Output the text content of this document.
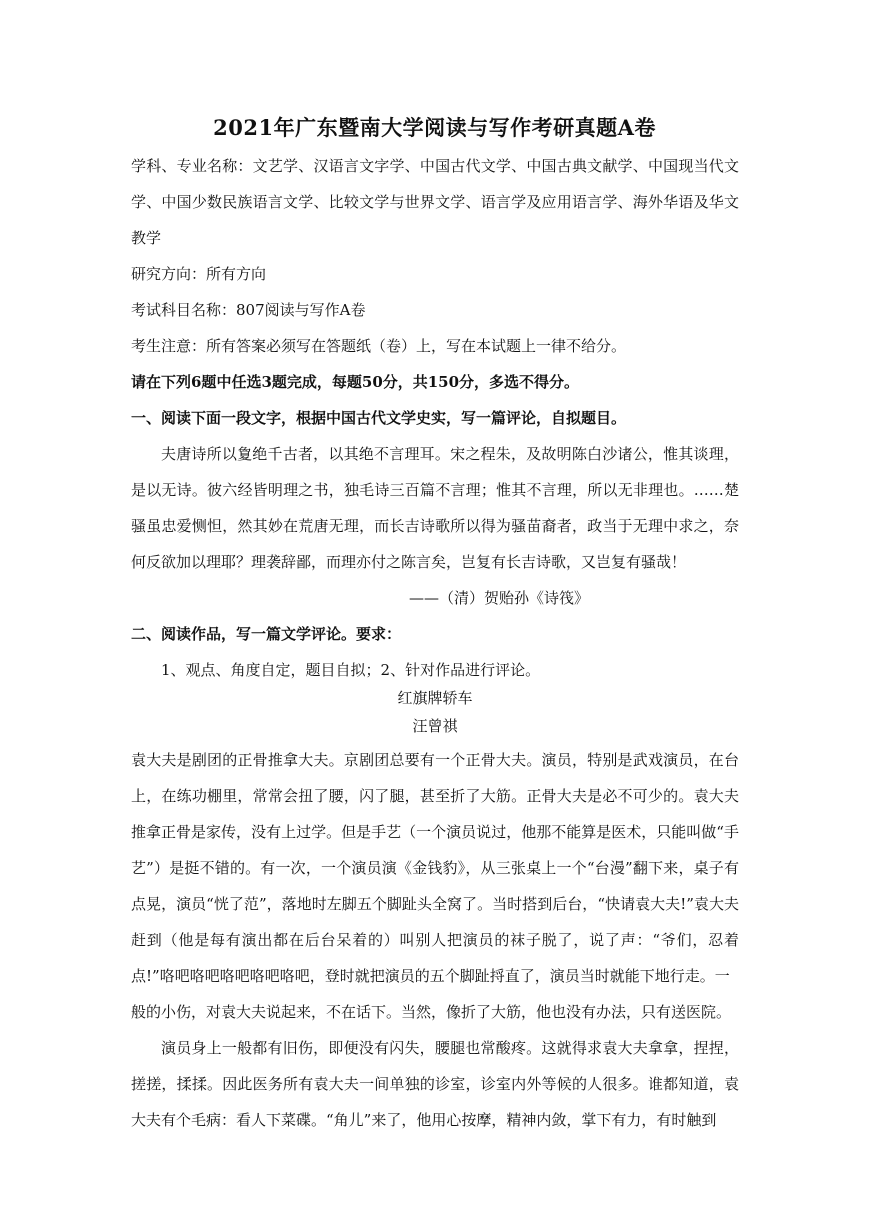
2021年广东暨南大学阅读与写作考研真题A卷

学科、专业名称：文艺学、汉语言文字学、中国古代文学、中国古典文献学、中国现当代文学、中国少数民族语言文学、比较文学与世界文学、语言学及应用语言学、海外华语及华文教学

研究方向：所有方向

考试科目名称：807阅读与写作A卷

考生注意：所有答案必须写在答题纸（卷）上，写在本试题上一律不给分。

请在下列6题中任选3题完成，每题50分，共150分，多选不得分。

一、阅读下面一段文字，根据中国古代文学史实，写一篇评论，自拟题目。

夫唐诗所以夐绝千古者，以其绝不言理耳。宋之程朱，及故明陈白沙诸公，惟其谈理，是以无诗。彼六经皆明理之书，独毛诗三百篇不言理；惟其不言理，所以无非理也。……楚骚虽忠爱恻怛，然其妙在荒唐无理，而长吉诗歌所以得为骚苗裔者，政当于无理中求之，奈何反欲加以理耶？理袭辞鄙，而理亦付之陈言矣，岂复有长吉诗歌，又岂复有骚哉！

——（清）贺贻孙《诗筏》

二、阅读作品，写一篇文学评论。要求：

1、观点、角度自定，题目自拟；2、针对作品进行评论。

红旗牌轿车

汪曾祺

袁大夫是剧团的正骨推拿大夫。京剧团总要有一个正骨大夫。演员，特别是武戏演员，在台上，在练功棚里，常常会扭了腰，闪了腿，甚至折了大筋。正骨大夫是必不可少的。袁大夫推拿正骨是家传，没有上过学。但是手艺（一个演员说过，他那不能算是医术，只能叫做“手艺”）是挺不错的。有一次，一个演员演《金钱豹》，从三张桌上一个“台漫”翻下来，桌子有点晃，演员“恍了范”，落地时左脚五个脚趾头全窝了。当时搭到后台，“快请袁大夫!”袁大夫赶到（他是每有演出都在后台呆着的）叫别人把演员的袜子脱了，说了声：“爷们，忍着点!”咯吧咯吧咯吧咯吧咯吧，登时就把演员的五个脚趾捋直了，演员当时就能下地行走。一

般的小伤，对袁大夫说起来，不在话下。当然，像折了大筋，他也没有办法，只有送医院。

演员身上一般都有旧伤，即便没有闪失，腰腿也常酸疼。这就得求袁大夫拿拿，捏捏，搓搓，揉揉。因此医务所有袁大夫一间单独的诊室，诊室内外等候的人很多。谁都知道，袁大夫有个毛病：看人下菜碟。“角儿”来了，他用心按摩，精神内敛，掌下有力，有时触到
